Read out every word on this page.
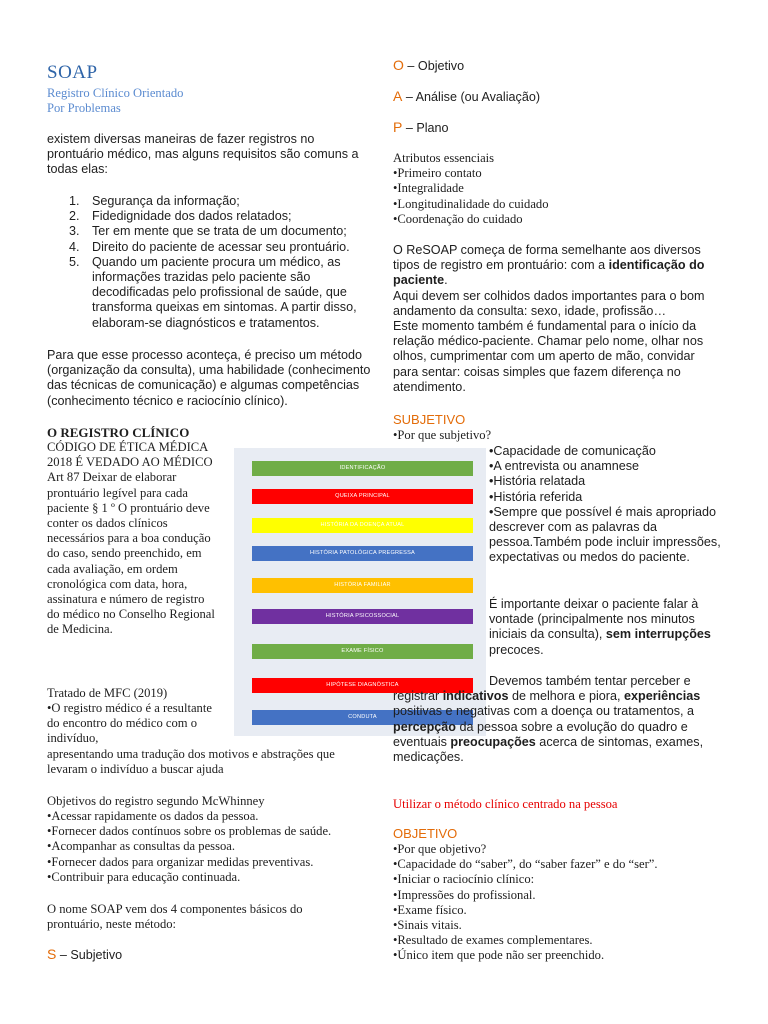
SOAP
Registro Clínico Orientado
Por Problemas
existem diversas maneiras de fazer registros no prontuário médico, mas alguns requisitos são comuns a todas elas:
1. Segurança da informação;
2. Fidedignidade dos dados relatados;
3. Ter em mente que se trata de um documento;
4. Direito do paciente de acessar seu prontuário.
5. Quando um paciente procura um médico, as informações trazidas pelo paciente são decodificadas pelo profissional de saúde, que transforma queixas em sintomas. A partir disso, elaboram-se diagnósticos e tratamentos.
Para que esse processo aconteça, é preciso um método (organização da consulta), uma habilidade (conhecimento das técnicas de comunicação) e algumas competências (conhecimento técnico e raciocínio clínico).
O REGISTRO CLÍNICO
CÓDIGO DE ÉTICA MÉDICA 2018 É VEDADO AO MÉDICO Art 87 Deixar de elaborar prontuário legível para cada paciente § 1 º O prontuário deve conter os dados clínicos necessários para a boa condução do caso, sendo preenchido, em cada avaliação, em ordem cronológica com data, hora, assinatura e número de registro do médico no Conselho Regional de Medicina.
Tratado de MFC (2019)
•O registro médico é a resultante do encontro do médico com o indivíduo,
apresentando uma tradução dos motivos e abstrações que levaram o indivíduo a buscar ajuda
IDENTIFICAÇÃO
QUEIXA PRINCIPAL
HISTÓRIA DA DOENÇA ATUAL
HISTÓRIA PATOLÓGICA PREGRESSA
HISTÓRIA FAMILIAR
HISTÓRIA PSICOSSOCIAL
EXAME FÍSICO
HIPÓTESE DIAGNÓSTICA
CONDUTA
Objetivos do registro segundo McWhinney
•Acessar rapidamente os dados da pessoa.
•Fornecer dados contínuos sobre os problemas de saúde.
•Acompanhar as consultas da pessoa.
•Fornecer dados para organizar medidas preventivas.
•Contribuir para educação continuada.
O nome SOAP vem dos 4 componentes básicos do prontuário, neste método:
S – Subjetivo
O – Objetivo
A – Análise (ou Avaliação)
P – Plano
Atributos essenciais
•Primeiro contato
•Integralidade
•Longitudinalidade do cuidado
•Coordenação do cuidado

O ReSOAP começa de forma semelhante aos diversos tipos de registro em prontuário: com a identificação do paciente.

Aqui devem ser colhidos dados importantes para o bom andamento da consulta: sexo, idade, profissão…

Este momento também é fundamental para o início da relação médico-paciente. Chamar pelo nome, olhar nos olhos, cumprimentar com um aperto de mão, convidar para sentar: coisas simples que fazem diferença no atendimento.

SUBJETIVO
•Por que subjetivo?
•Capacidade de comunicação
•A entrevista ou anamnese
•História relatada
•História referida
•Sempre que possível é mais apropriado descrever com as palavras da pessoa.Também pode incluir impressões, expectativas ou medos do paciente.
É importante deixar o paciente falar à vontade (principalmente nos minutos iniciais da consulta), sem interrupções precoces.
Devemos também tentar perceber e registrar indicativos de melhora e piora, experiências positivas e negativas com a doença ou tratamentos, a percepção da pessoa sobre a evolução do quadro e eventuais preocupações acerca de sintomas, exames, medicações.
Utilizar o método clínico centrado na pessoa
OBJETIVO
•Por que objetivo?
•Capacidade do “saber”, do “saber fazer” e do “ser”.
•Iniciar o raciocínio clínico:
•Impressões do profissional.
•Exame físico.
•Sinais vitais.
•Resultado de exames complementares.
•Único item que pode não ser preenchido.
